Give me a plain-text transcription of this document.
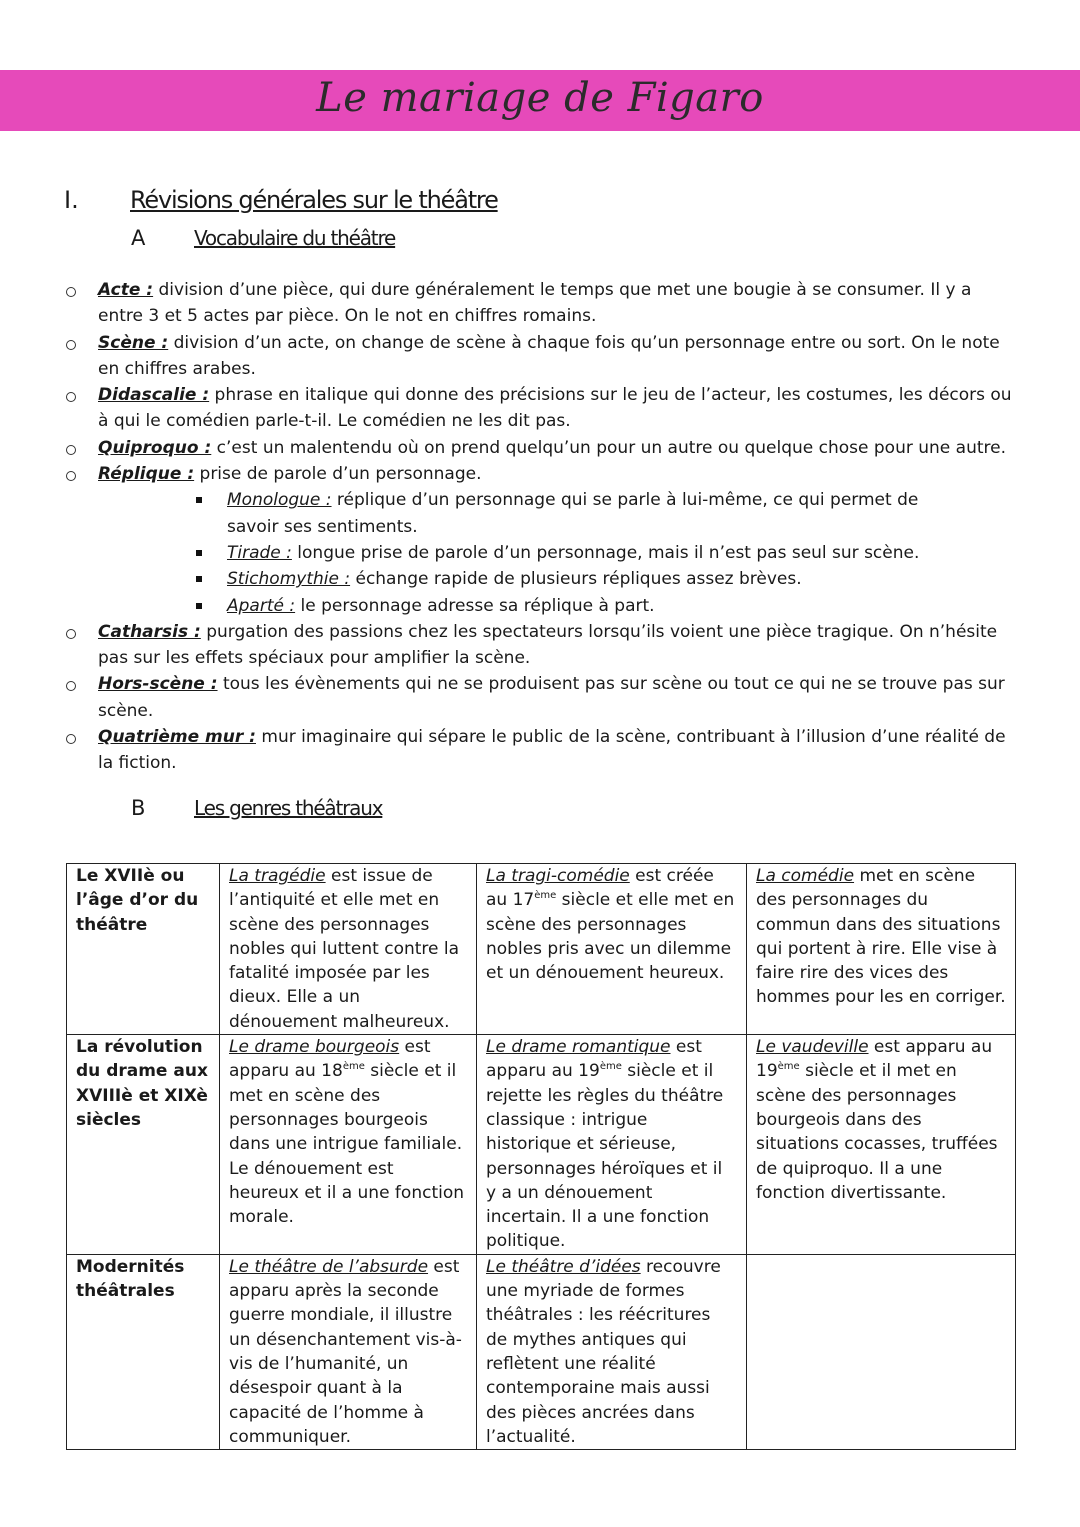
Le mariage de Figaro
I. Révisions générales sur le théâtre
A Vocabulaire du théâtre
Acte : division d’une pièce, qui dure généralement le temps que met une bougie à se consumer. Il y a entre 3 et 5 actes par pièce. On le not en chiffres romains.
Scène : division d’un acte, on change de scène à chaque fois qu’un personnage entre ou sort. On le note en chiffres arabes.
Didascalie : phrase en italique qui donne des précisions sur le jeu de l’acteur, les costumes, les décors ou à qui le comédien parle-t-il. Le comédien ne les dit pas.
Quiproquo : c’est un malentendu où on prend quelqu’un pour un autre ou quelque chose pour une autre.
Réplique : prise de parole d’un personnage.
Monologue : réplique d’un personnage qui se parle à lui-même, ce qui permet de savoir ses sentiments.
Tirade : longue prise de parole d’un personnage, mais il n’est pas seul sur scène.
Stichomythie : échange rapide de plusieurs répliques assez brèves.
Aparté : le personnage adresse sa réplique à part.
Catharsis : purgation des passions chez les spectateurs lorsqu’ils voient une pièce tragique. On n’hésite pas sur les effets spéciaux pour amplifier la scène.
Hors-scène : tous les évènements qui ne se produisent pas sur scène ou tout ce qui ne se trouve pas sur scène.
Quatrième mur : mur imaginaire qui sépare le public de la scène, contribuant à l’illusion d’une réalité de la fiction.
B Les genres théâtraux
Le XVIIè ou l’âge d’or du théâtre	La tragédie est issue de l’antiquité et elle met en scène des personnages nobles qui luttent contre la fatalité imposée par les dieux. Elle a un dénouement malheureux.	La tragi-comédie est créée au 17ème siècle et elle met en scène des personnages nobles pris avec un dilemme et un dénouement heureux.	La comédie met en scène des personnages du commun dans des situations qui portent à rire. Elle vise à faire rire des vices des hommes pour les en corriger.
La révolution du drame aux XVIIIè et XIXè siècles	Le drame bourgeois est apparu au 18ème siècle et il met en scène des personnages bourgeois dans une intrigue familiale. Le dénouement est heureux et il a une fonction morale.	Le drame romantique est apparu au 19ème siècle et il rejette les règles du théâtre classique : intrigue historique et sérieuse, personnages héroïques et il y a un dénouement incertain. Il a une fonction politique.	Le vaudeville est apparu au 19ème siècle et il met en scène des personnages bourgeois dans des situations cocasses, truffées de quiproquo. Il a une fonction divertissante.
Modernités théâtrales	Le théâtre de l’absurde est apparu après la seconde guerre mondiale, il illustre un désenchantement vis-à-vis de l’humanité, un désespoir quant à la capacité de l’homme à communiquer.	Le théâtre d’idées recouvre une myriade de formes théâtrales : les réécritures de mythes antiques qui reflètent une réalité contemporaine mais aussi des pièces ancrées dans l’actualité.	
